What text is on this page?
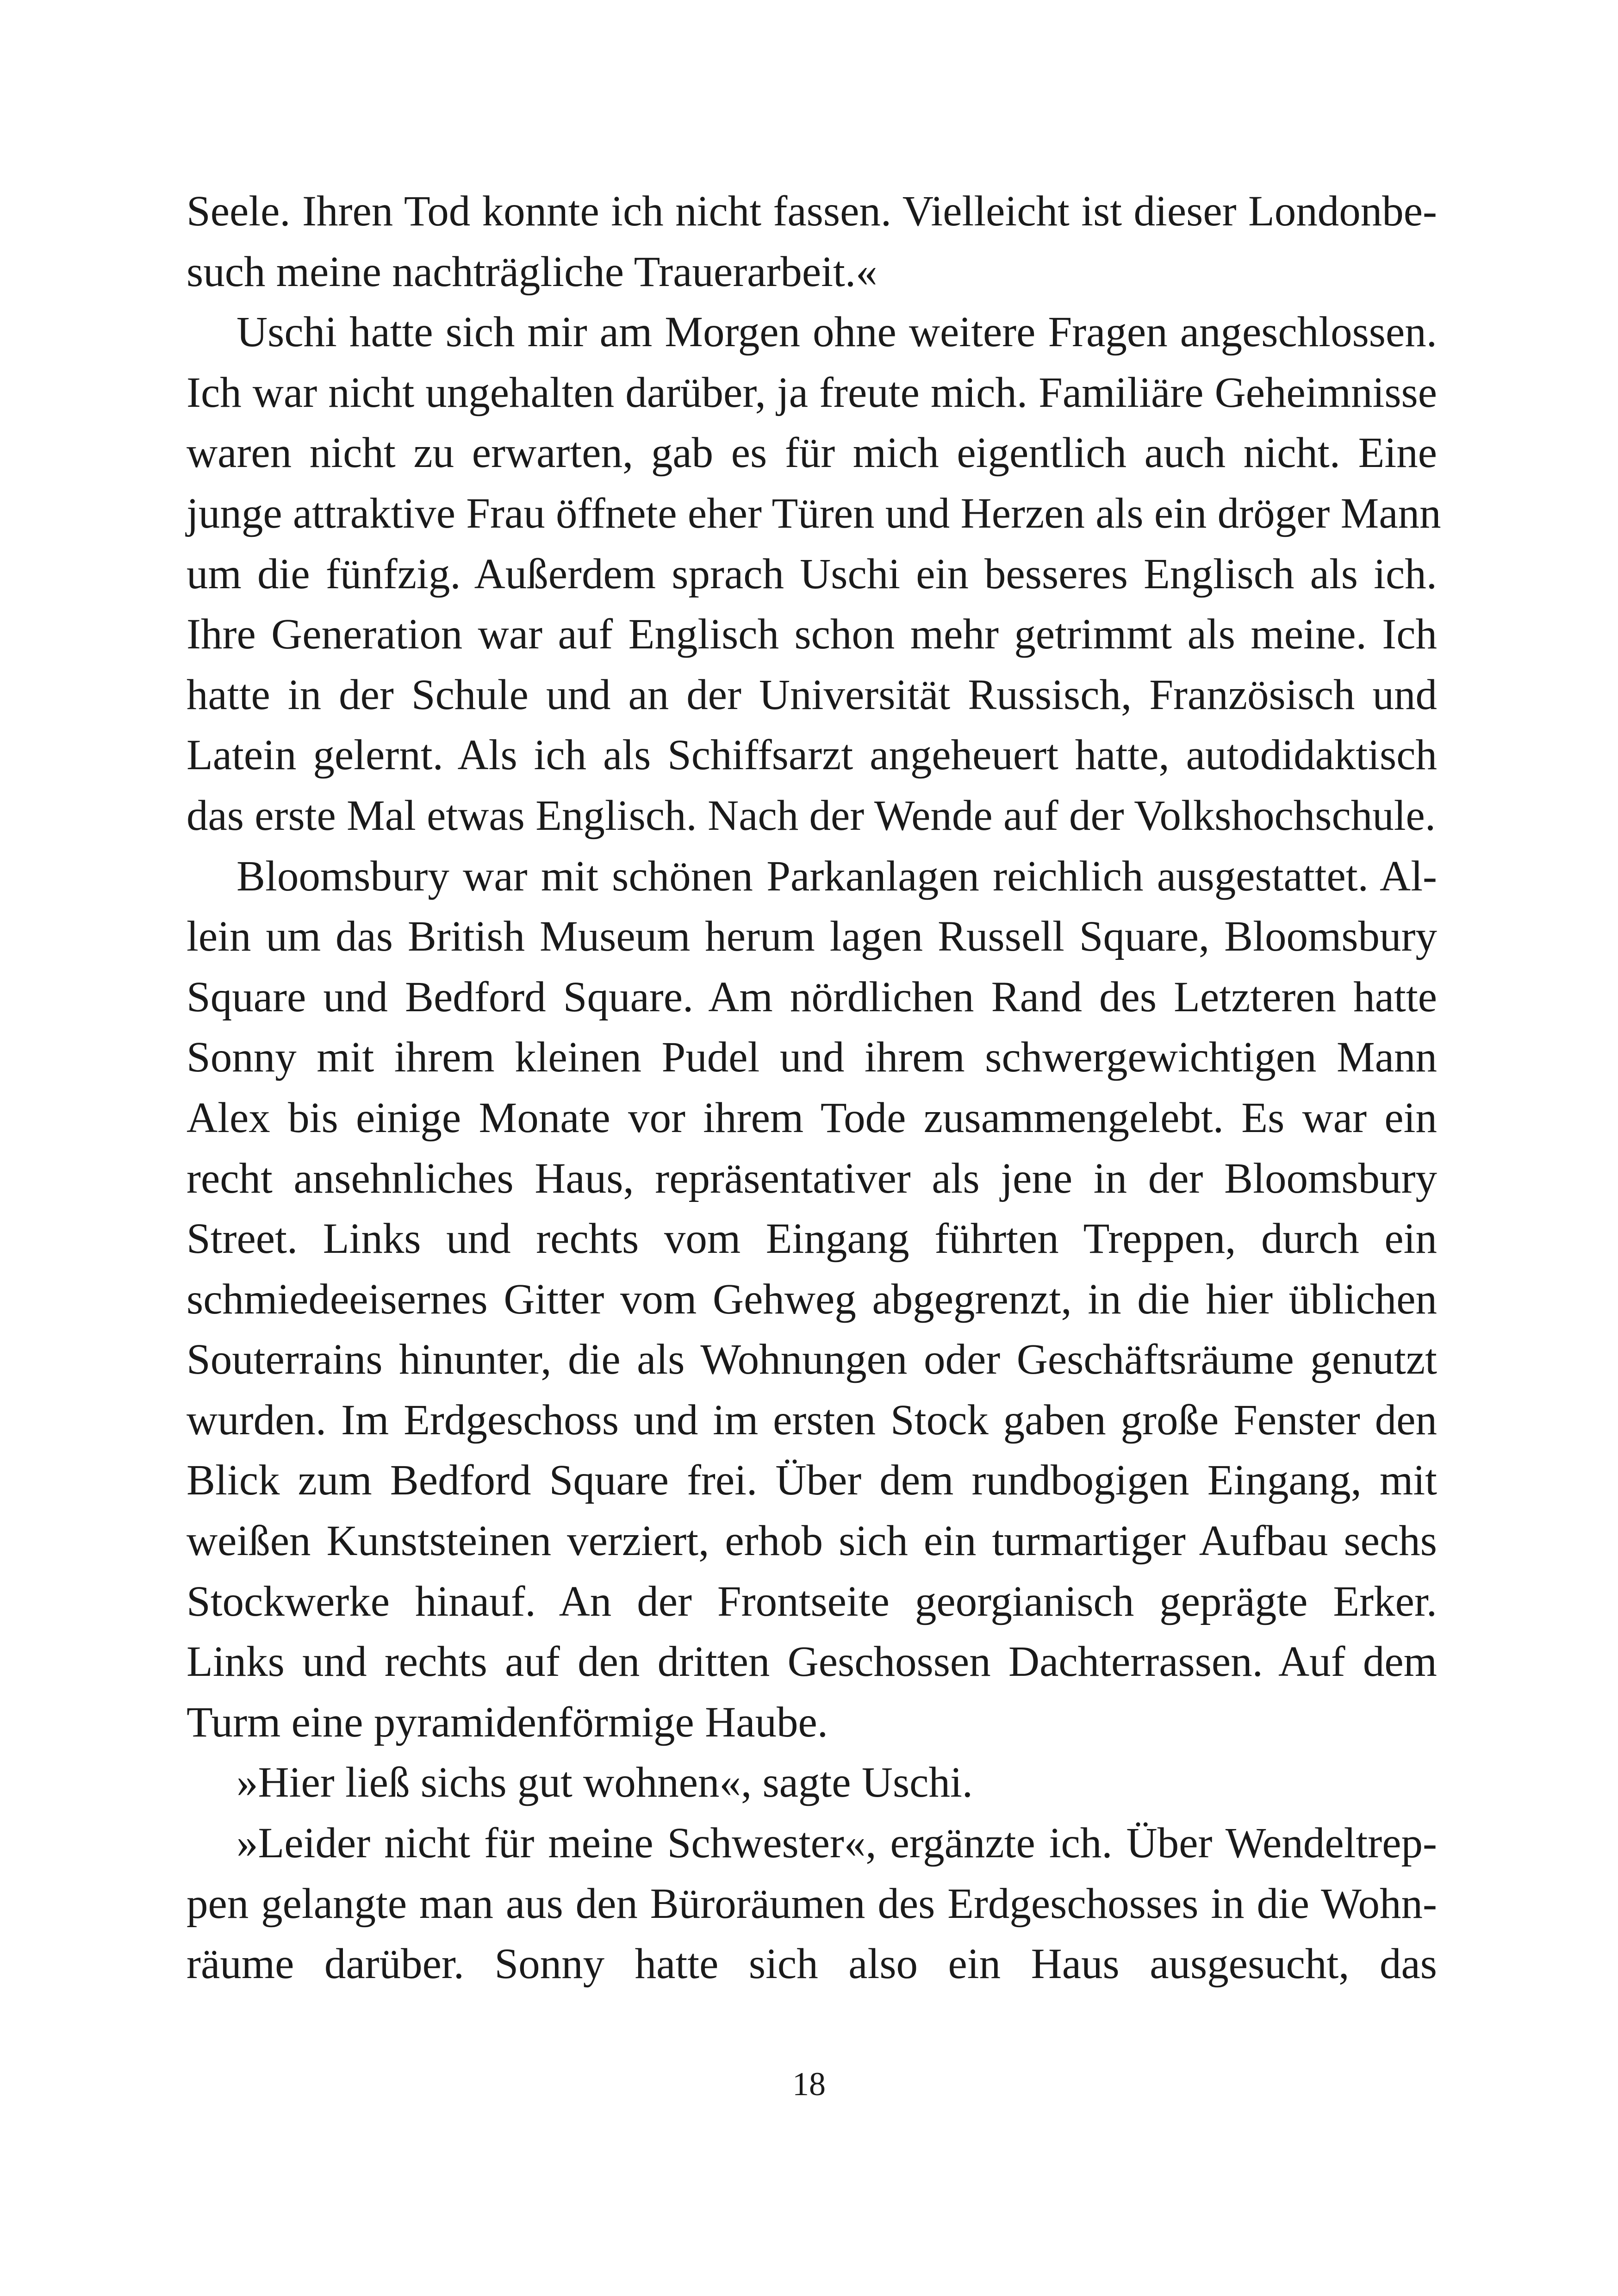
Seele. Ihren Tod konnte ich nicht fassen. Vielleicht ist dieser Londonbe-
such meine nachträgliche Trauerarbeit.«
Uschi hatte sich mir am Morgen ohne weitere Fragen angeschlossen.
Ich war nicht ungehalten darüber, ja freute mich. Familiäre Geheimnisse
waren nicht zu erwarten, gab es für mich eigentlich auch nicht. Eine
junge attraktive Frau öffnete eher Türen und Herzen als ein dröger Mann
um die fünfzig. Außerdem sprach Uschi ein besseres Englisch als ich.
Ihre Generation war auf Englisch schon mehr getrimmt als meine. Ich
hatte in der Schule und an der Universität Russisch, Französisch und
Latein gelernt. Als ich als Schiffsarzt angeheuert hatte, autodidaktisch
das erste Mal etwas Englisch. Nach der Wende auf der Volkshochschule.
Bloomsbury war mit schönen Parkanlagen reichlich ausgestattet. Al-
lein um das British Museum herum lagen Russell Square, Bloomsbury
Square und Bedford Square. Am nördlichen Rand des Letzteren hatte
Sonny mit ihrem kleinen Pudel und ihrem schwergewichtigen Mann
Alex bis einige Monate vor ihrem Tode zusammengelebt. Es war ein
recht ansehnliches Haus, repräsentativer als jene in der Bloomsbury
Street. Links und rechts vom Eingang führten Treppen, durch ein
schmiedeeisernes Gitter vom Gehweg abgegrenzt, in die hier üblichen
Souterrains hinunter, die als Wohnungen oder Geschäftsräume genutzt
wurden. Im Erdgeschoss und im ersten Stock gaben große Fenster den
Blick zum Bedford Square frei. Über dem rundbogigen Eingang, mit
weißen Kunststeinen verziert, erhob sich ein turmartiger Aufbau sechs
Stockwerke hinauf. An der Frontseite georgianisch geprägte Erker.
Links und rechts auf den dritten Geschossen Dachterrassen. Auf dem
Turm eine pyramidenförmige Haube.
»Hier ließ sichs gut wohnen«, sagte Uschi.
»Leider nicht für meine Schwester«, ergänzte ich. Über Wendeltrep-
pen gelangte man aus den Büroräumen des Erdgeschosses in die Wohn-
räume darüber. Sonny hatte sich also ein Haus ausgesucht, das
18
